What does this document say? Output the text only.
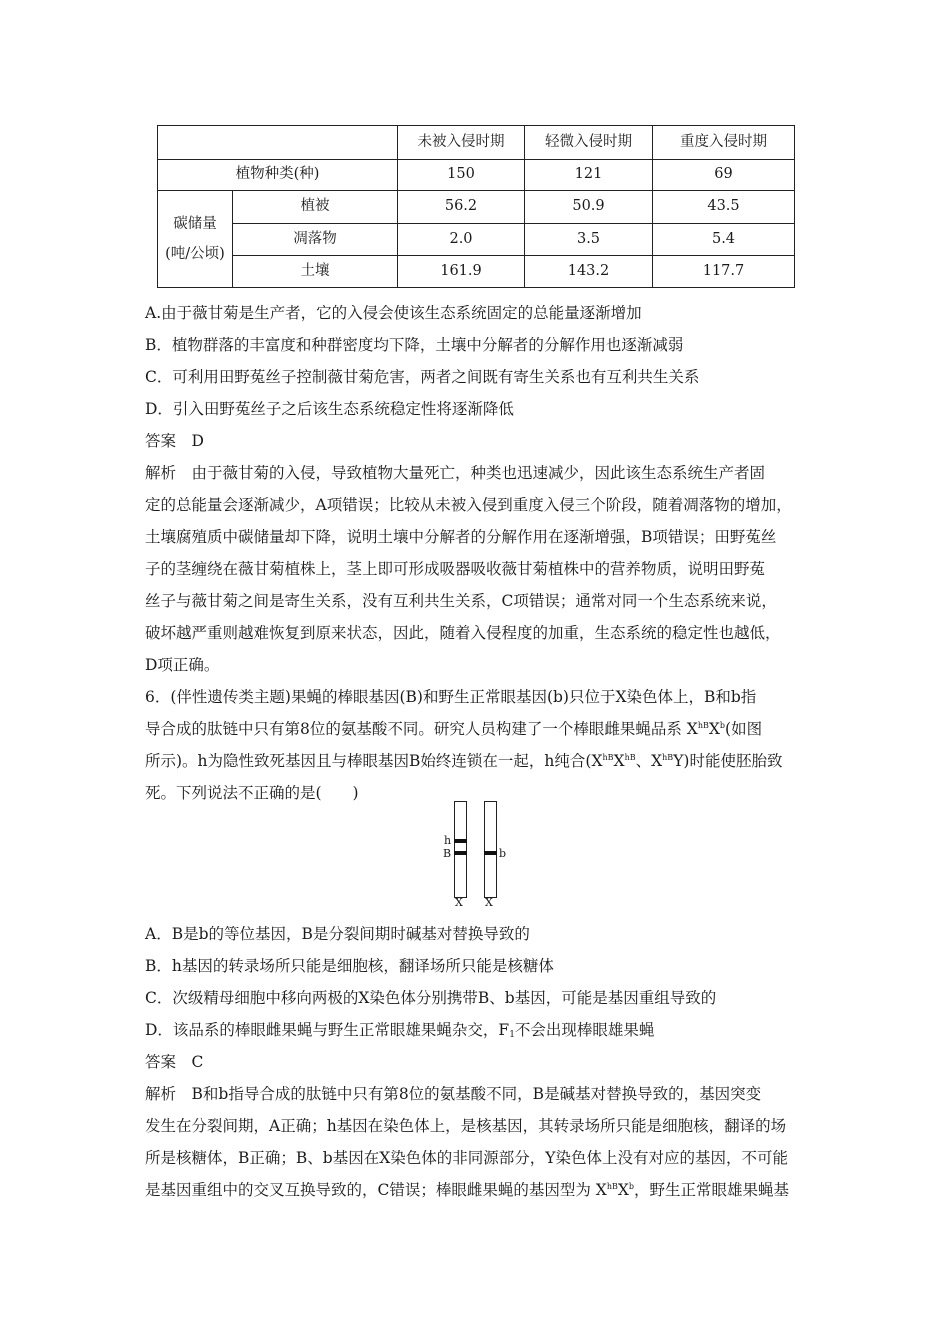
		未被入侵时期	轻微入侵时期	重度入侵时期
植物种类(种)		150	121	69
碳储量(吨/公顷)	植被	56.2	50.9	43.5
	凋落物	2.0	3.5	5.4
	土壤	161.9	143.2	117.7
A.由于薇甘菊是生产者，它的入侵会使该生态系统固定的总能量逐渐增加
B．植物群落的丰富度和种群密度均下降，土壤中分解者的分解作用也逐渐减弱
C．可利用田野菟丝子控制薇甘菊危害，两者之间既有寄生关系也有互利共生关系
D．引入田野菟丝子之后该生态系统稳定性将逐渐降低
答案　D
解析　由于薇甘菊的入侵，导致植物大量死亡，种类也迅速减少，因此该生态系统生产者固
定的总能量会逐渐减少，A项错误；比较从未被入侵到重度入侵三个阶段，随着凋落物的增加，
土壤腐殖质中碳储量却下降，说明土壤中分解者的分解作用在逐渐增强，B项错误；田野菟丝
子的茎缠绕在薇甘菊植株上，茎上即可形成吸器吸收薇甘菊植株中的营养物质，说明田野菟
丝子与薇甘菊之间是寄生关系，没有互利共生关系，C项错误；通常对同一个生态系统来说，
破坏越严重则越难恢复到原来状态，因此，随着入侵程度的加重，生态系统的稳定性也越低，
D项正确。
6．(伴性遗传类主题)果蝇的棒眼基因(B)和野生正常眼基因(b)只位于X染色体上，B和b指
导合成的肽链中只有第8位的氨基酸不同。研究人员构建了一个棒眼雌果蝇品系 $X^{hB}X^b$(如图
所示)。h为隐性致死基因且与棒眼基因B始终连锁在一起，h纯合($X^{hB}X^{hB}$、$X^{hB}Y$)时能使胚胎致
死。下列说法不正确的是(　　)
h
B	b
X X
A．B是b的等位基因，B是分裂间期时碱基对替换导致的
B．h基因的转录场所只能是细胞核，翻译场所只能是核糖体
C．次级精母细胞中移向两极的X染色体分别携带B、b基因，可能是基因重组导致的
D．该品系的棒眼雌果蝇与野生正常眼雄果蝇杂交，$F_1$不会出现棒眼雄果蝇
答案　C
解析　B和b指导合成的肽链中只有第8位的氨基酸不同，B是碱基对替换导致的，基因突变
发生在分裂间期，A正确；h基因在染色体上，是核基因，其转录场所只能是细胞核，翻译的场
所是核糖体，B正确；B、b基因在X染色体的非同源部分，Y染色体上没有对应的基因，不可能
是基因重组中的交叉互换导致的，C错误；棒眼雌果蝇的基因型为 $X^{hB}X^b$，野生正常眼雄果蝇基
